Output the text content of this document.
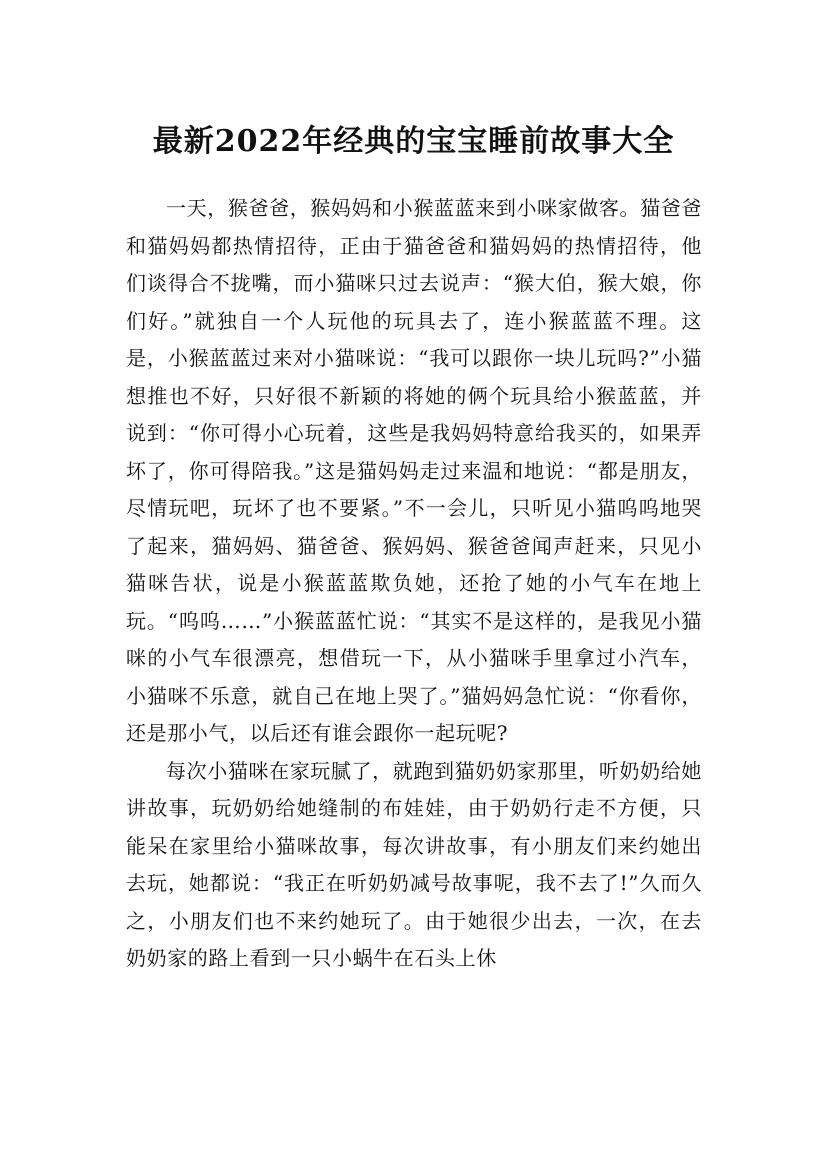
最新2022年经典的宝宝睡前故事大全

一天，猴爸爸，猴妈妈和小猴蓝蓝来到小咪家做客。猫爸爸和猫妈妈都热情招待，正由于猫爸爸和猫妈妈的热情招待，他们谈得合不拢嘴，而小猫咪只过去说声：“猴大伯，猴大娘，你们好。”就独自一个人玩他的玩具去了，连小猴蓝蓝不理。这是，小猴蓝蓝过来对小猫咪说：“我可以跟你一块儿玩吗?”小猫想推也不好，只好很不新颖的将她的俩个玩具给小猴蓝蓝，并说到：“你可得小心玩着，这些是我妈妈特意给我买的，如果弄坏了，你可得陪我。”这是猫妈妈走过来温和地说：“都是朋友，尽情玩吧，玩坏了也不要紧。”不一会儿，只听见小猫呜呜地哭了起来，猫妈妈、猫爸爸、猴妈妈、猴爸爸闻声赶来，只见小猫咪告状，说是小猴蓝蓝欺负她，还抢了她的小气车在地上玩。“呜呜……”小猴蓝蓝忙说：“其实不是这样的，是我见小猫咪的小气车很漂亮，想借玩一下，从小猫咪手里拿过小汽车，小猫咪不乐意，就自己在地上哭了。”猫妈妈急忙说：“你看你，还是那小气，以后还有谁会跟你一起玩呢?

每次小猫咪在家玩腻了，就跑到猫奶奶家那里，听奶奶给她讲故事，玩奶奶给她缝制的布娃娃，由于奶奶行走不方便，只能呆在家里给小猫咪故事，每次讲故事，有小朋友们来约她出去玩，她都说：“我正在听奶奶减号故事呢，我不去了!”久而久之，小朋友们也不来约她玩了。由于她很少出去，一次，在去奶奶家的路上看到一只小蜗牛在石头上休
